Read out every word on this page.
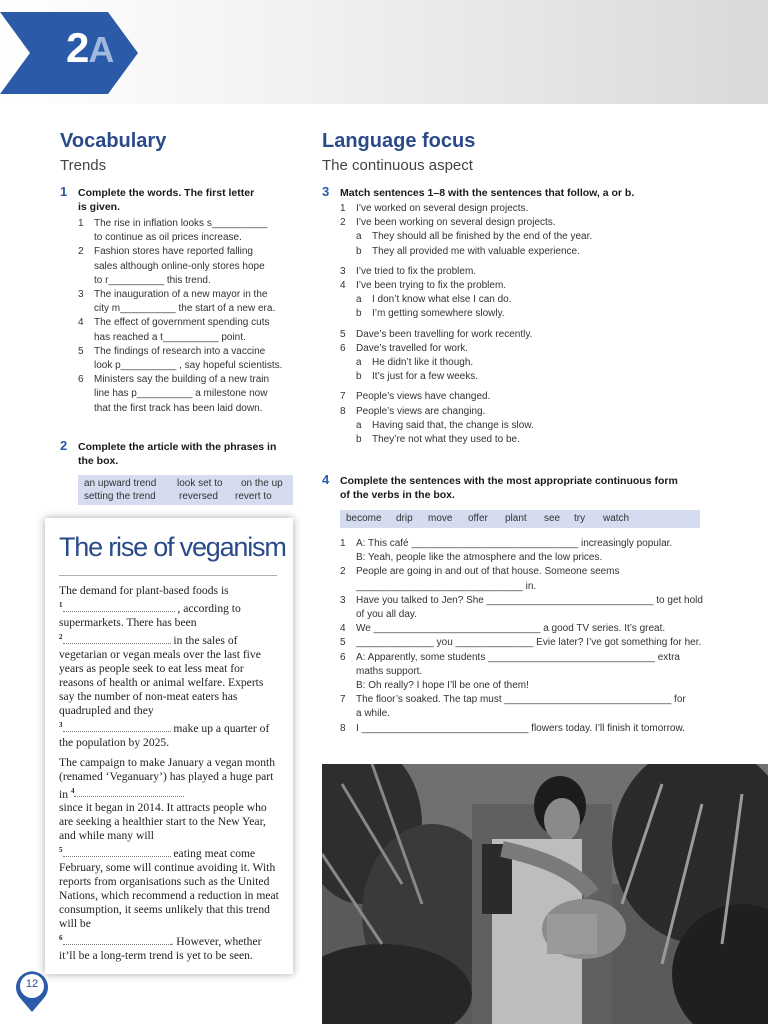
2A
Vocabulary
Trends
1 Complete the words. The first letter
is given.
1 The rise in inflation looks s__________
to continue as oil prices increase.
2 Fashion stores have reported falling
sales although online-only stores hope
to r__________ this trend.
3 The inauguration of a new mayor in the
city m__________ the start of a new era.
4 The effect of government spending cuts
has reached a t__________ point.
5 The findings of research into a vaccine
look p__________ , say hopeful scientists.
6 Ministers say the building of a new train
line has p__________ a milestone now
that the first track has been laid down.
2 Complete the article with the phrases in
the box.
an upward trend look set to on the up
setting the trend reversed revert to
The rise of veganism

The demand for plant-based foods is
$^1$	, according to supermarkets. There has been
$^2$	in the sales of vegetarian or vegan meals over the last five years as people seek to eat less meat for reasons of health or animal welfare. Experts say the number of non-meat eaters has quadrupled and they
$^3$	make up a quarter of the population by 2025.

The campaign to make January a vegan month (renamed ‘Veganuary’) has played a huge part in $^4$
since it began in 2014. It attracts people who are seeking a healthier start to the New Year, and while many will
$^5$	eating meat come February, some will continue avoiding it. With reports from organisations such as the United Nations, which recommend a reduction in meat consumption, it seems unlikely that this trend will be
$^6$	. However, whether it’ll be a long-term trend is yet to be seen.

Language focus
The continuous aspect
3 Match sentences 1–8 with the sentences that follow, a or b.
1 I’ve worked on several design projects.
2 I’ve been working on several design projects.
a They should all be finished by the end of the year.
b They all provided me with valuable experience.
3 I’ve tried to fix the problem.
4 I’ve been trying to fix the problem.
a I don’t know what else I can do.
b I’m getting somewhere slowly.
5 Dave’s been travelling for work recently.
6 Dave’s travelled for work.
a He didn’t like it though.
b It’s just for a few weeks.
7 People’s views have changed.
8 People’s views are changing.
a Having said that, the change is slow.
b They’re not what they used to be.
4 Complete the sentences with the most appropriate continuous form
of the verbs in the box.
become drip move offer plant see try watch
1 A: This café ______________________________ increasingly popular.
B: Yeah, people like the atmosphere and the low prices.
2 People are going in and out of that house. Someone seems
______________________________ in.
3 Have you talked to Jen? She ______________________________ to get hold
of you all day.
4 We ______________________________ a good TV series. It’s great.
5 ______________ you ______________ Evie later? I’ve got something for her.
6 A: Apparently, some students ______________________________ extra
maths support.
B: Oh really? I hope I’ll be one of them!
7 The floor’s soaked. The tap must ______________________________ for
a while.
8 I ______________________________ flowers today. I’ll finish it tomorrow.
12
